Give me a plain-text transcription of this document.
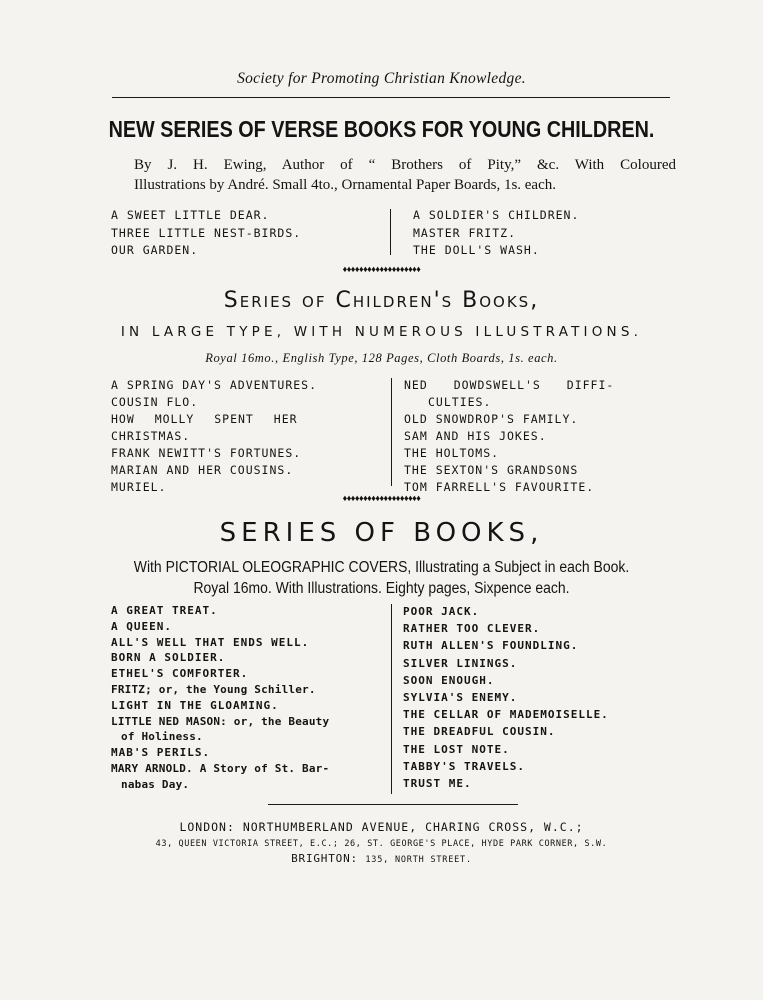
Society for Promoting Christian Knowledge.
NEW SERIES OF VERSE BOOKS FOR YOUNG CHILDREN.
By J. H. Ewing, Author of “ Brothers of Pity,” &c. With Coloured
Illustrations by André. Small 4to., Ornamental Paper Boards, 1s. each.
A SWEET LITTLE DEAR.
THREE LITTLE NEST-BIRDS.
OUR GARDEN.
A SOLDIER'S CHILDREN.
MASTER FRITZ.
THE DOLL'S WASH.
♦♦♦♦♦♦♦♦♦♦♦♦♦♦♦♦♦♦♦
Series of Children's Books,
IN LARGE TYPE, WITH NUMEROUS ILLUSTRATIONS.
Royal 16mo., English Type, 128 Pages, Cloth Boards, 1s. each.
A SPRING DAY'S ADVENTURES.
COUSIN FLO.
HOW MOLLY SPENT HER
CHRISTMAS.
FRANK NEWITT'S FORTUNES.
MARIAN AND HER COUSINS.
MURIEL.
NED DOWDSWELL'S DIFFI-
CULTIES.
OLD SNOWDROP'S FAMILY.
SAM AND HIS JOKES.
THE HOLTOMS.
THE SEXTON'S GRANDSONS
TOM FARRELL'S FAVOURITE.
♦♦♦♦♦♦♦♦♦♦♦♦♦♦♦♦♦♦♦
SERIES OF BOOKS,
With PICTORIAL OLEOGRAPHIC COVERS, Illustrating a Subject in each Book.
Royal 16mo. With Illustrations. Eighty pages, Sixpence each.
A GREAT TREAT.
A QUEEN.
ALL'S WELL THAT ENDS WELL.
BORN A SOLDIER.
ETHEL'S COMFORTER.
FRITZ; or, the Young Schiller.
LIGHT IN THE GLOAMING.
LITTLE NED MASON: or, the Beauty
of Holiness.
MAB'S PERILS.
MARY ARNOLD. A Story of St. Bar-
nabas Day.
POOR JACK.
RATHER TOO CLEVER.
RUTH ALLEN'S FOUNDLING.
SILVER LININGS.
SOON ENOUGH.
SYLVIA'S ENEMY.
THE CELLAR OF MADEMOISELLE.
THE DREADFUL COUSIN.
THE LOST NOTE.
TABBY'S TRAVELS.
TRUST ME.
LONDON: NORTHUMBERLAND AVENUE, CHARING CROSS, W.C.;
43, QUEEN VICTORIA STREET, E.C.; 26, ST. GEORGE'S PLACE, HYDE PARK CORNER, S.W.
BRIGHTON: 135, NORTH STREET.
